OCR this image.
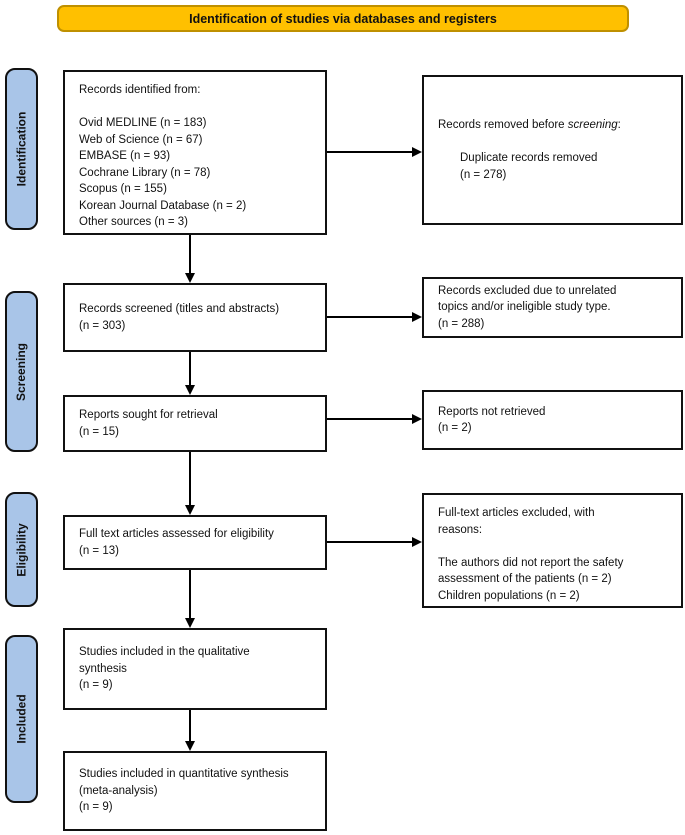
Identification of studies via databases and registers
Identification
Screening
Eligibility
Included
Records identified from:
Ovid MEDLINE (n = 183)
Web of Science (n = 67)
EMBASE (n = 93)
Cochrane Library (n = 78)
Scopus (n = 155)
Korean Journal Database (n = 2)
Other sources (n = 3)
Records screened (titles and abstracts)
(n = 303)
Reports sought for retrieval
(n = 15)
Full text articles assessed for eligibility
(n = 13)
Studies included in the qualitative
synthesis
(n = 9)
Studies included in quantitative synthesis
(meta-analysis)
(n = 9)
Records removed before screening:
Duplicate records removed
(n = 278)
Records excluded due to unrelated
topics and/or ineligible study type.
(n = 288)
Reports not retrieved
(n = 2)
Full-text articles excluded, with
reasons:
The authors did not report the safety
assessment of the patients (n = 2)
Children populations (n = 2)
